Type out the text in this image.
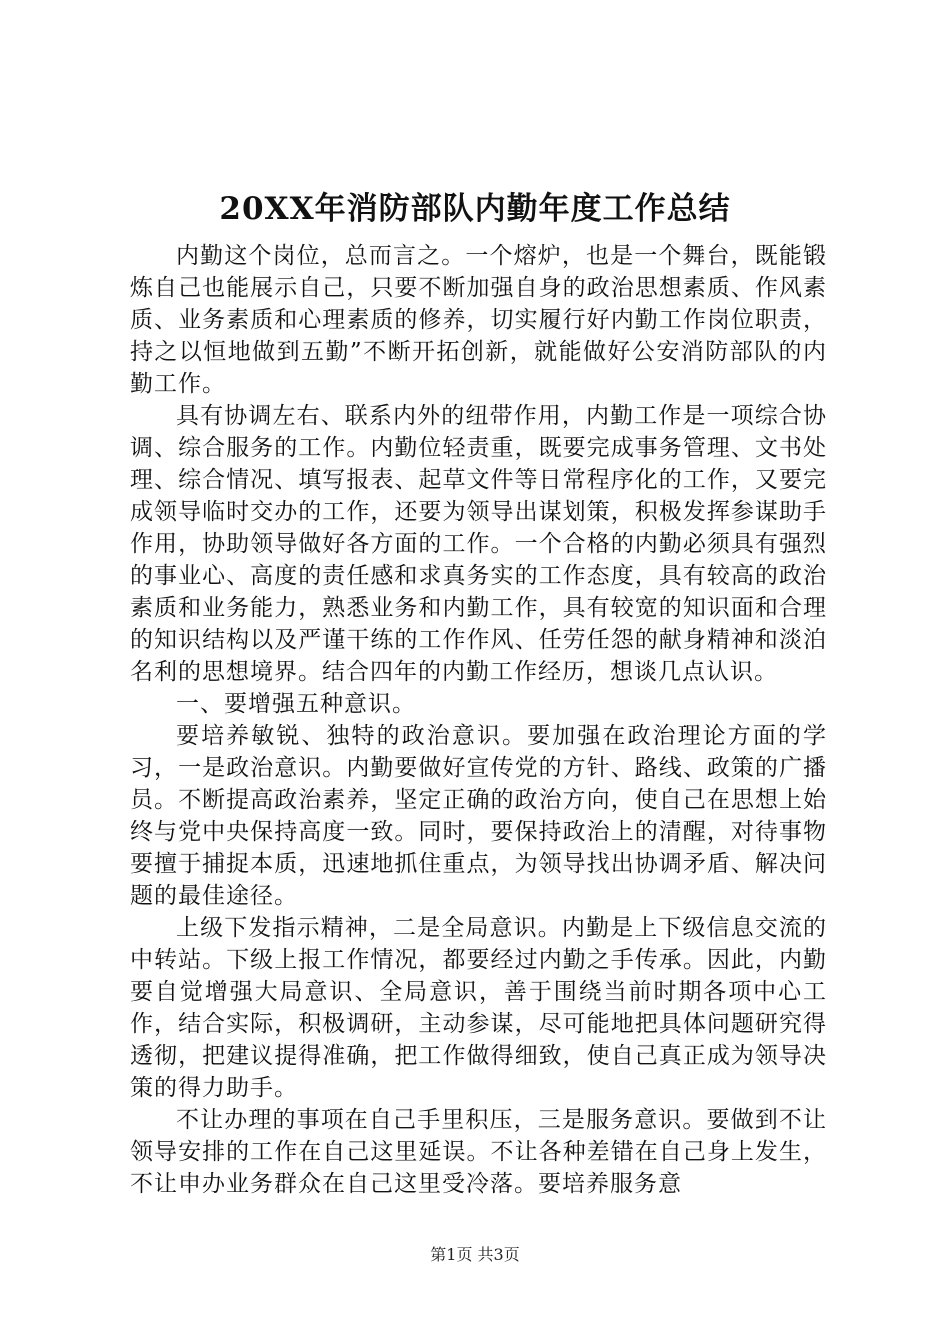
20XX年消防部队内勤年度工作总结

内勤这个岗位，总而言之。一个熔炉，也是一个舞台，既能锻炼自己也能展示自己，只要不断加强自身的政治思想素质、作风素质、业务素质和心理素质的修养，切实履行好内勤工作岗位职责，持之以恒地做到五勤”不断开拓创新，就能做好公安消防部队的内勤工作。

具有协调左右、联系内外的纽带作用，内勤工作是一项综合协调、综合服务的工作。内勤位轻责重，既要完成事务管理、文书处理、综合情况、填写报表、起草文件等日常程序化的工作，又要完成领导临时交办的工作，还要为领导出谋划策，积极发挥参谋助手作用，协助领导做好各方面的工作。一个合格的内勤必须具有强烈的事业心、高度的责任感和求真务实的工作态度，具有较高的政治素质和业务能力，熟悉业务和内勤工作，具有较宽的知识面和合理的知识结构以及严谨干练的工作作风、任劳任怨的献身精神和淡泊名利的思想境界。结合四年的内勤工作经历，想谈几点认识。

一、要增强五种意识。

要培养敏锐、独特的政治意识。要加强在政治理论方面的学习，一是政治意识。内勤要做好宣传党的方针、路线、政策的广播员。不断提高政治素养，坚定正确的政治方向，使自己在思想上始终与党中央保持高度一致。同时，要保持政治上的清醒，对待事物要擅于捕捉本质，迅速地抓住重点，为领导找出协调矛盾、解决问题的最佳途径。

上级下发指示精神，二是全局意识。内勤是上下级信息交流的中转站。下级上报工作情况，都要经过内勤之手传承。因此，内勤要自觉增强大局意识、全局意识，善于围绕当前时期各项中心工作，结合实际，积极调研，主动参谋，尽可能地把具体问题研究得透彻，把建议提得准确，把工作做得细致，使自己真正成为领导决策的得力助手。

不让办理的事项在自己手里积压，三是服务意识。要做到不让领导安排的工作在自己这里延误。不让各种差错在自己身上发生，不让申办业务群众在自己这里受冷落。要培养服务意

第1页 共3页
